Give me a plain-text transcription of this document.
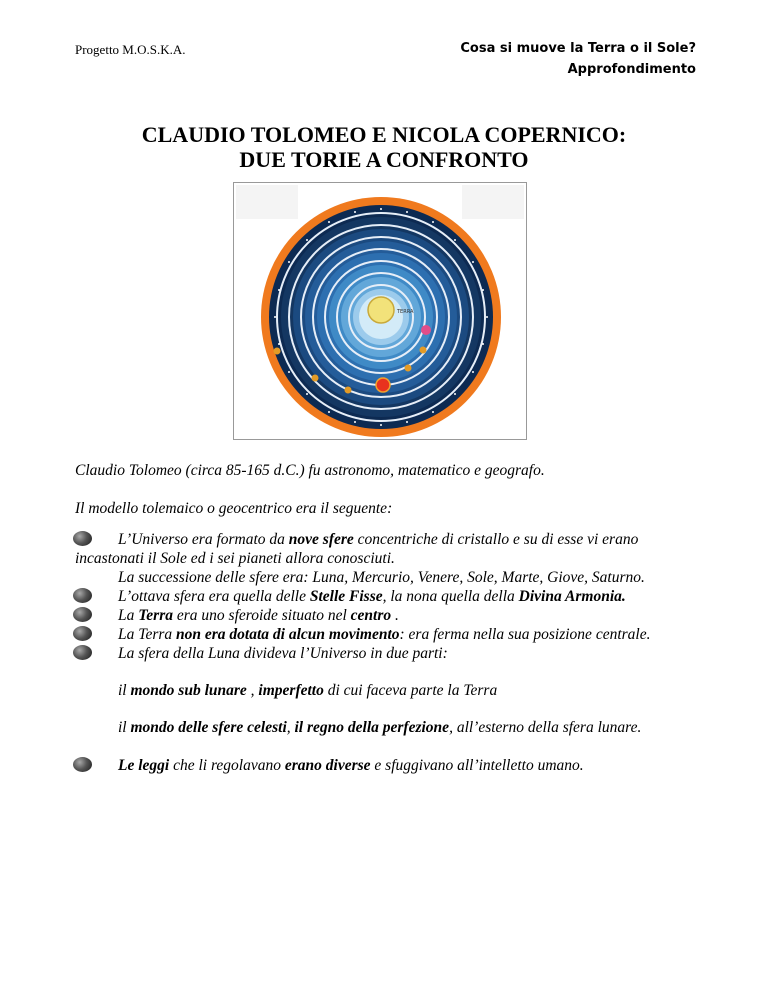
Progetto M.O.S.K.A.	Cosa si muove la Terra o il Sole?
Approfondimento
CLAUDIO TOLOMEO E NICOLA COPERNICO:
DUE TORIE A CONFRONTO
TERRA
Claudio Tolomeo (circa 85-165 d.C.) fu astronomo, matematico e geografo.
Il modello tolemaico o geocentrico era il seguente:
L’Universo era formato da nove sfere concentriche di cristallo e su di esse vi erano incastonati il Sole ed i sei pianeti allora conosciuti.
La successione delle sfere era: Luna, Mercurio, Venere, Sole, Marte, Giove, Saturno.
L’ottava sfera era quella delle Stelle Fisse, la nona quella della Divina Armonia.
La Terra era uno sferoide situato nel centro .
La Terra non era dotata di alcun movimento: era ferma nella sua posizione centrale.
La sfera della Luna divideva l’Universo in due parti:
il mondo sub lunare , imperfetto di cui faceva parte la Terra
il mondo delle sfere celesti, il regno della perfezione, all’esterno della sfera lunare.
Le leggi che li regolavano erano diverse e sfuggivano all’intelletto umano.
